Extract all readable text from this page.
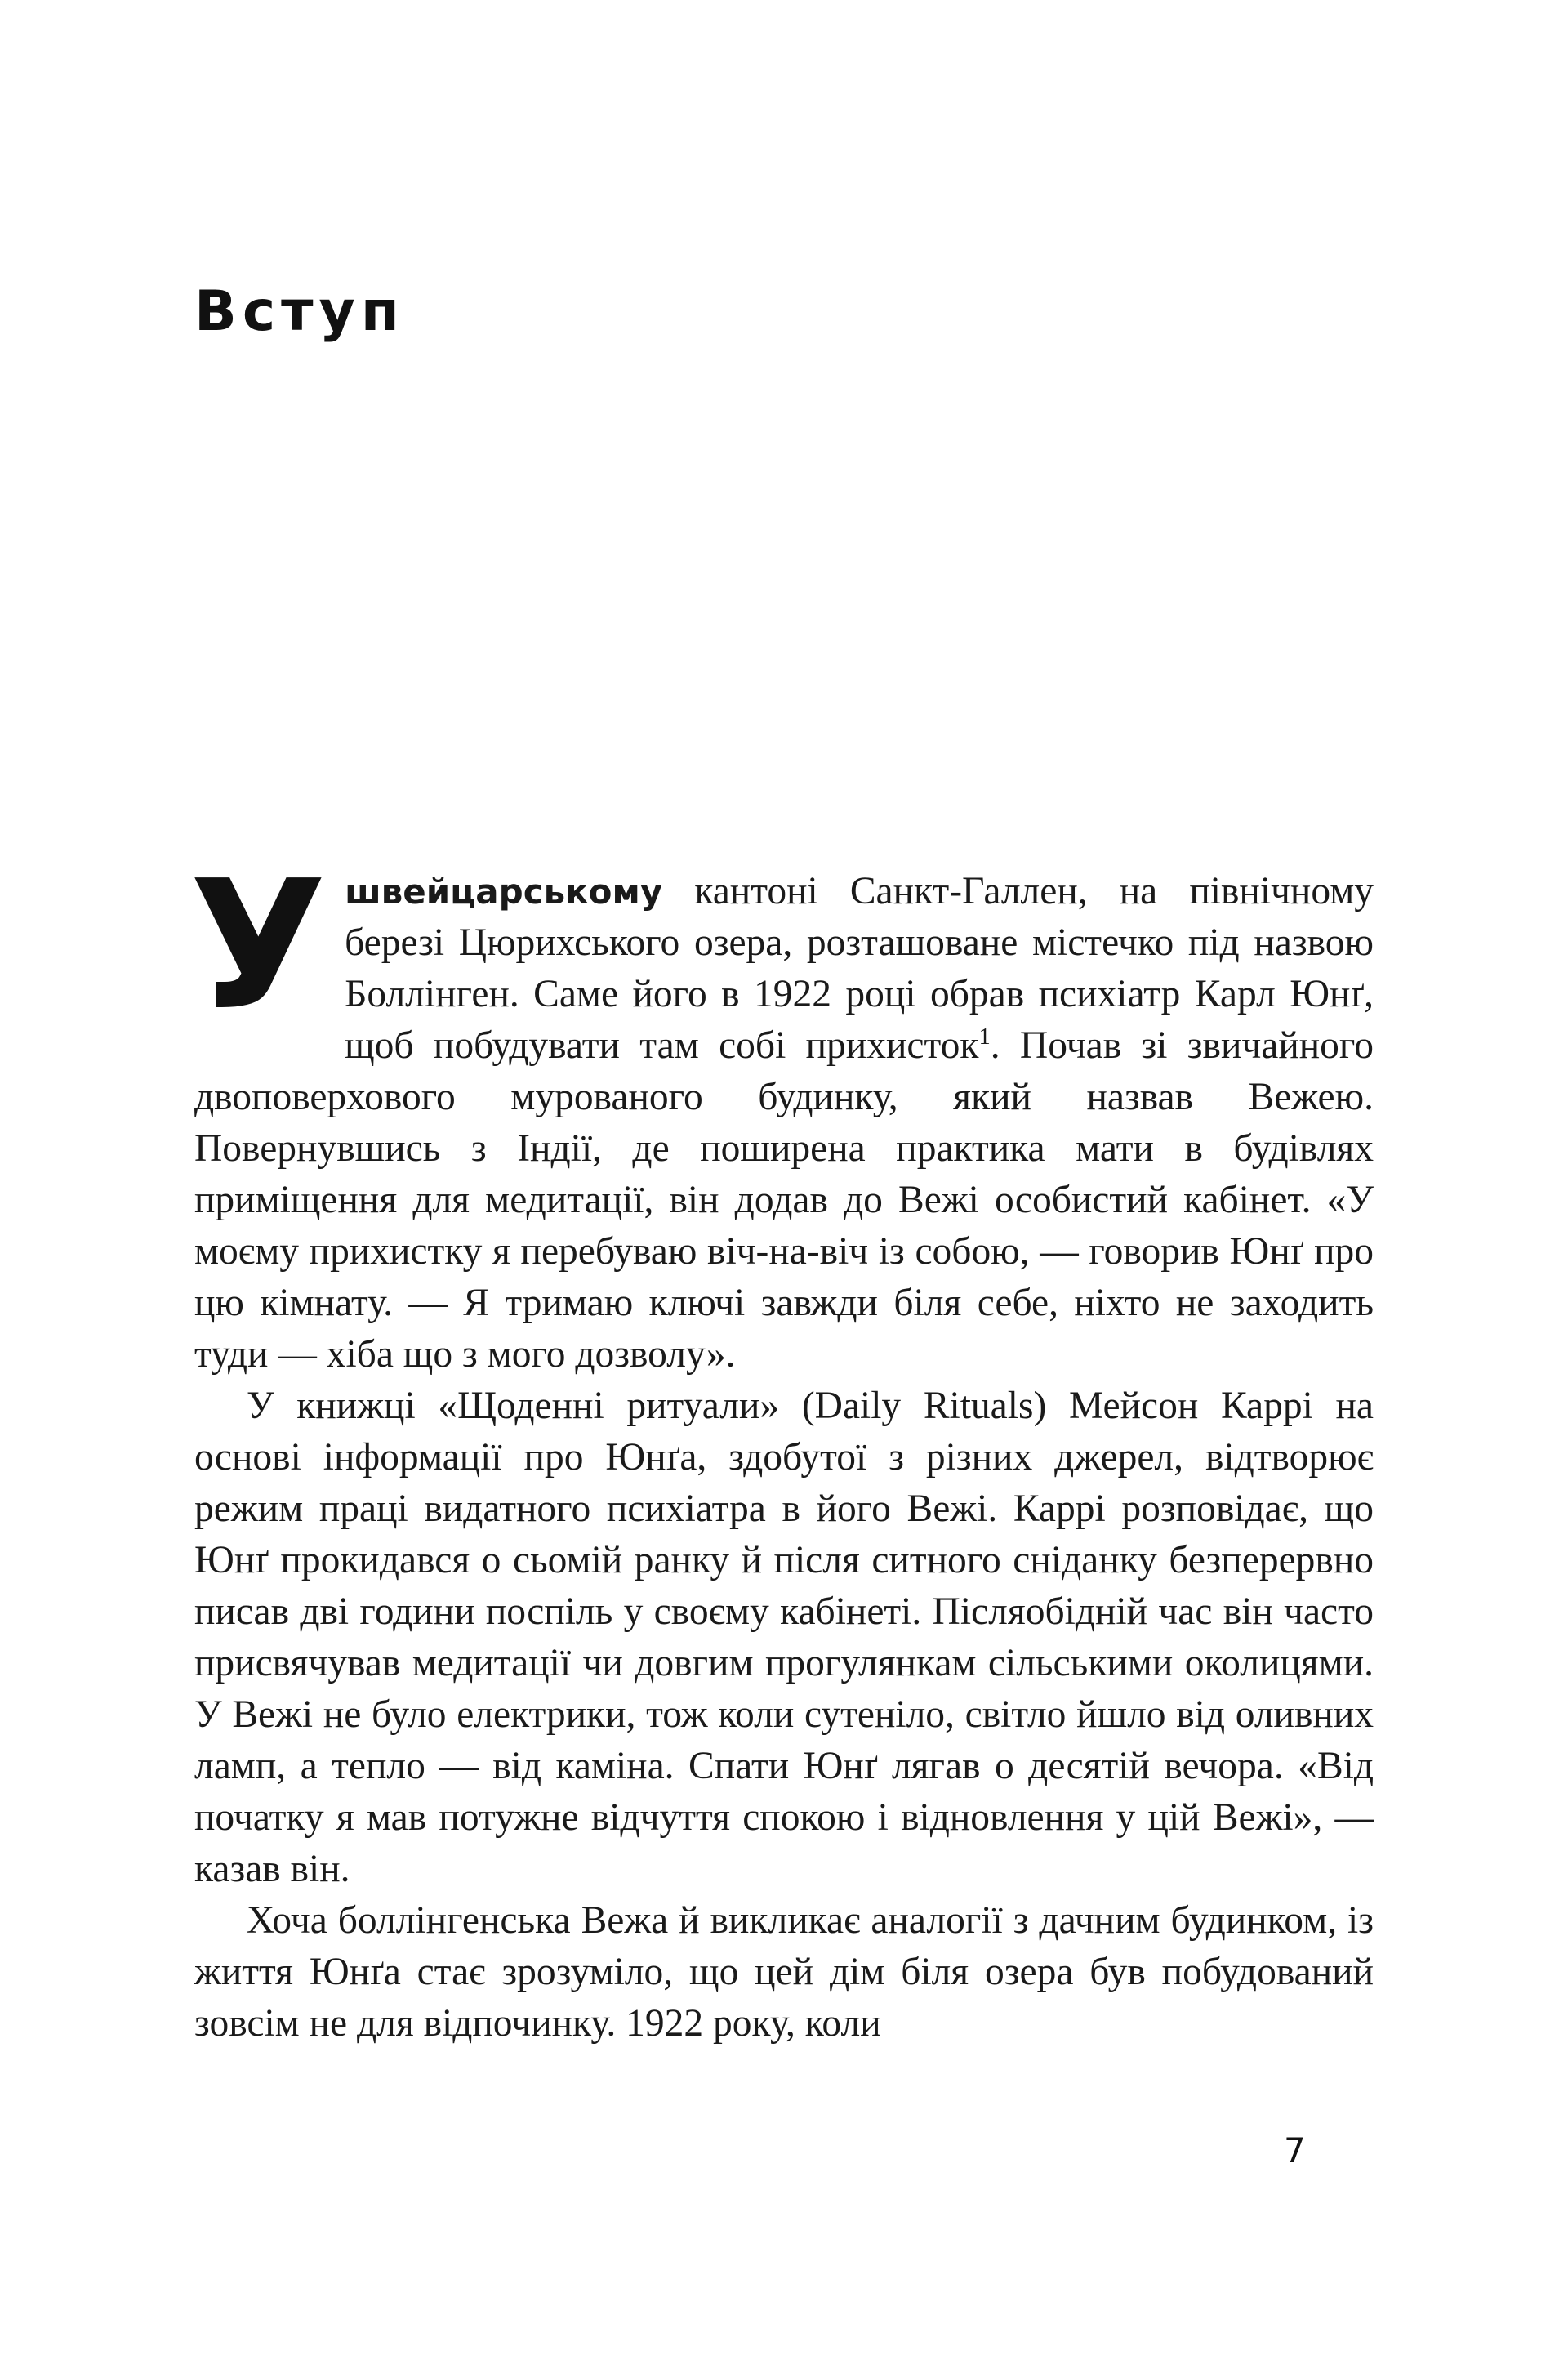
Вступ

Ушвейцарському кантоні Санкт-Галлен, на північному березі Цюрихського озера, розташоване містечко під назвою Боллінген. Саме його в 1922 році обрав психіатр Карл Юнґ, щоб побудувати там собі прихисток$^1$. Почав зі звичайного двоповерхового мурованого будинку, який назвав Вежею. Повернувшись з Індії, де поширена практика мати в будівлях приміщення для медитації, він додав до Вежі особистий кабінет. «У моєму прихистку я перебуваю віч-на-віч із собою, — говорив Юнґ про цю кімнату. — Я тримаю ключі завжди біля себе, ніхто не заходить туди — хіба що з мого дозволу».

У книжці «Щоденні ритуали» (Daily Rituals) Мейсон Каррі на основі інформації про Юнґа, здобутої з різних джерел, відтворює режим праці видатного психіатра в його Вежі. Каррі розповідає, що Юнґ прокидався о сьомій ранку й після ситного сніданку безперервно писав дві години поспіль у своєму кабінеті. Післяобідній час він часто присвячував медитації чи довгим прогулянкам сільськими околицями. У Вежі не було електрики, тож коли сутеніло, світло йшло від оливних ламп, а тепло — від каміна. Спати Юнґ лягав о десятій вечора. «Від початку я мав потужне відчуття спокою і відновлення у цій Вежі», — казав він.

Хоча боллінгенська Вежа й викликає аналогії з дачним будинком, із життя Юнґа стає зрозуміло, що цей дім біля озера був побудований зовсім не для відпочинку. 1922 року, коли

7
